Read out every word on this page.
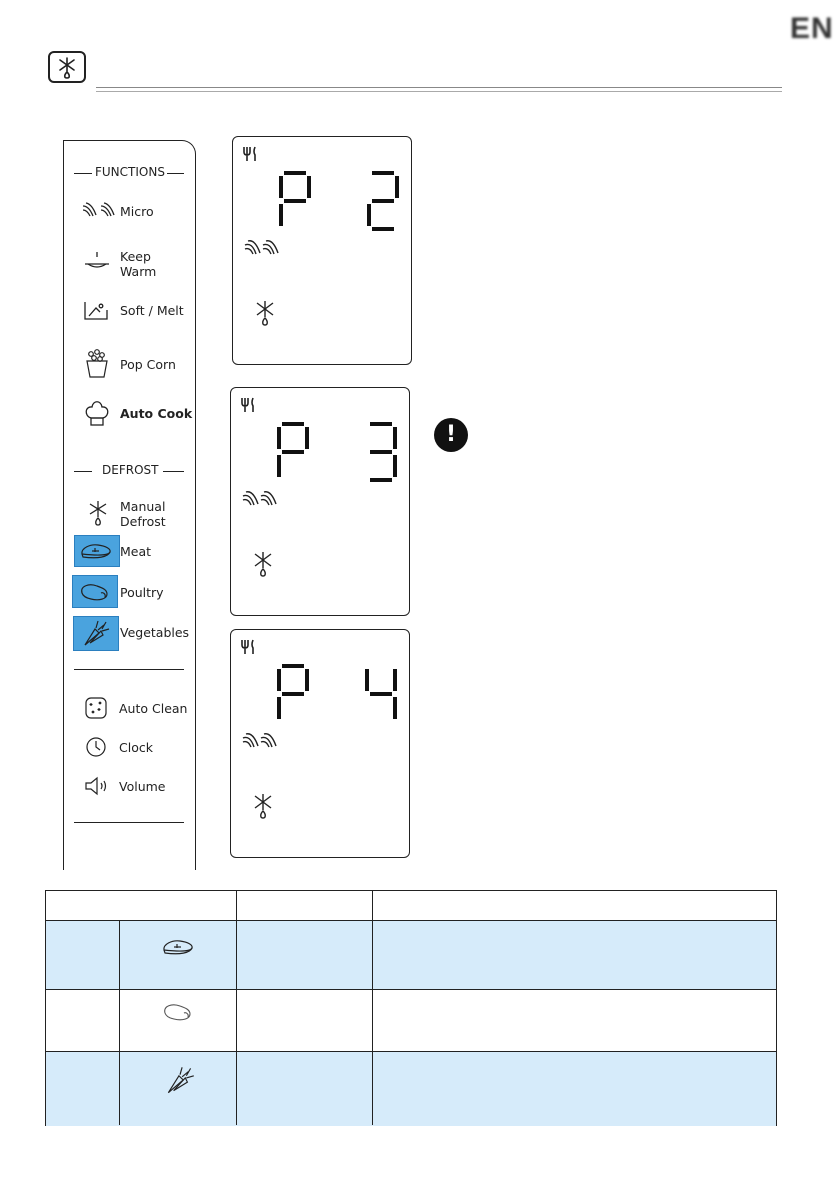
EN
FUNCTIONS
Micro
Keep
Warm
Soft / Melt
Pop Corn
Auto Cook
DEFROST
Manual
Defrost
Meat
Poultry
Vegetables
Auto Clean
Clock
Volume
!
